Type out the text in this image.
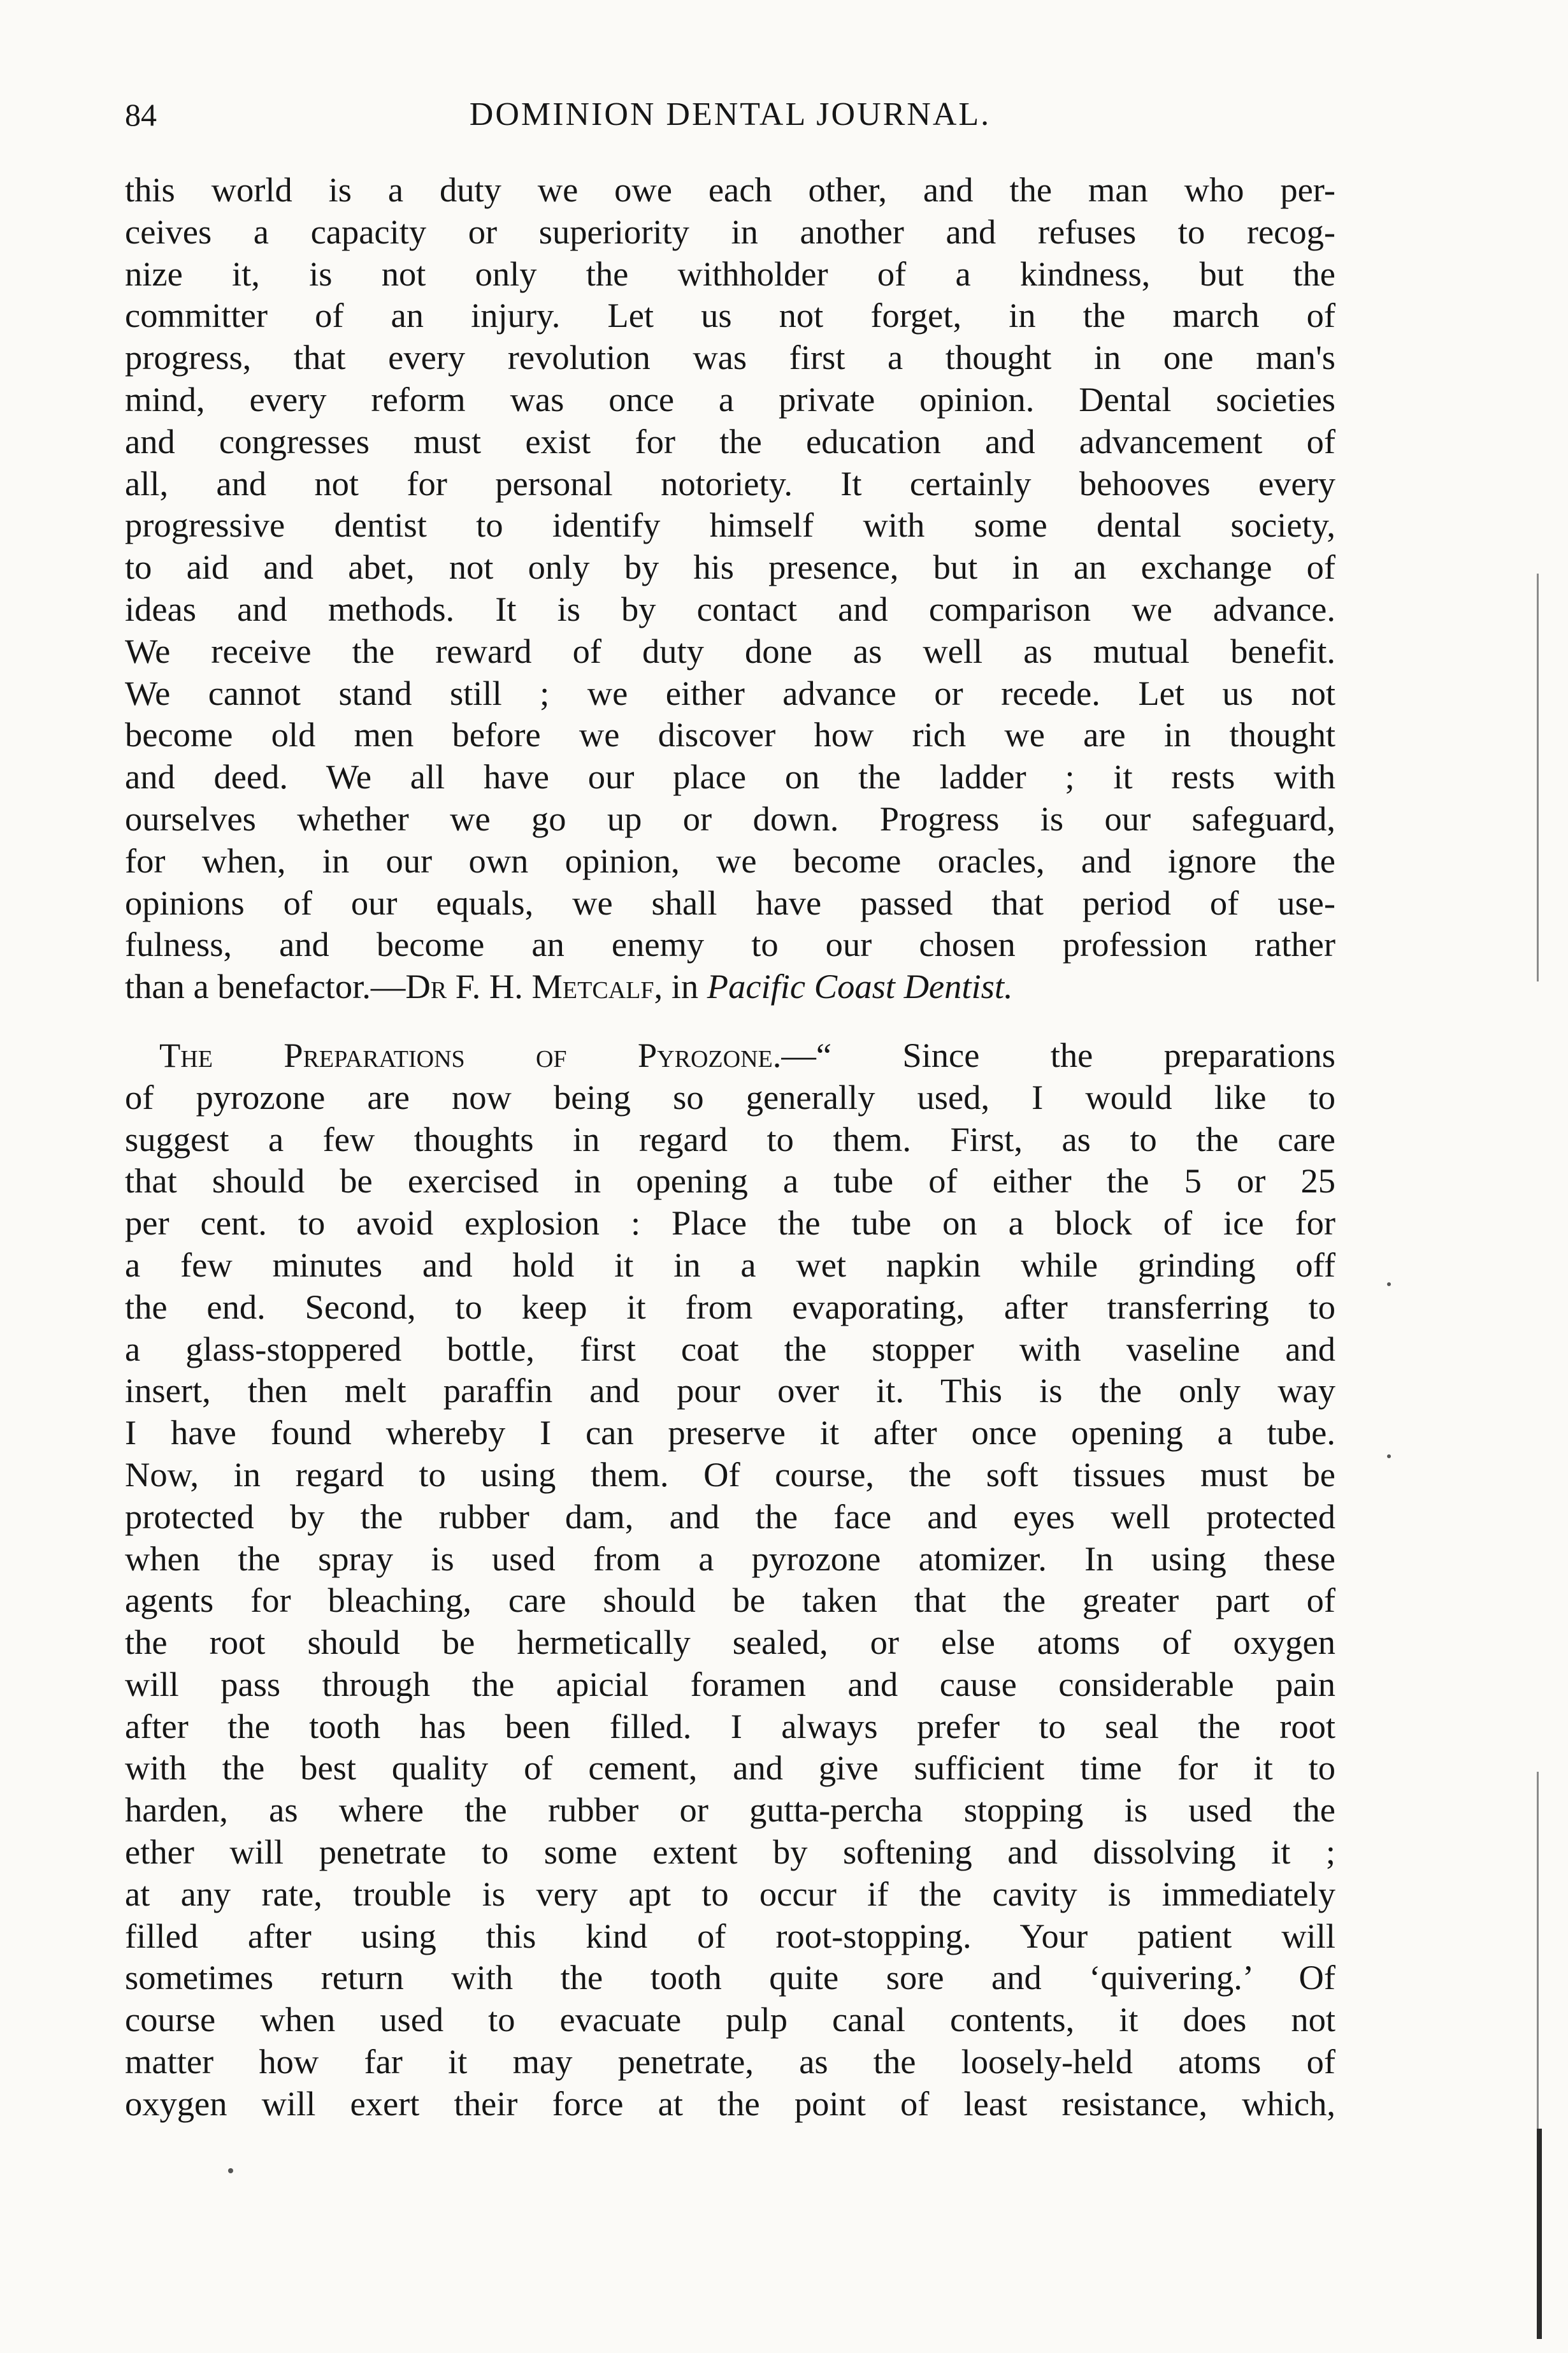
84	DOMINION DENTAL JOURNAL.
this world is a duty we owe each other, and the man who per-
ceives a capacity or superiority in another and refuses to recog-
nize it, is not only the withholder of a kindness, but the
committer of an injury. Let us not forget, in the march of
progress, that every revolution was first a thought in one man's
mind, every reform was once a private opinion. Dental societies
and congresses must exist for the education and advancement of
all, and not for personal notoriety. It certainly behooves every
progressive dentist to identify himself with some dental society,
to aid and abet, not only by his presence, but in an exchange of
ideas and methods. It is by contact and comparison we advance.
We receive the reward of duty done as well as mutual benefit.
We cannot stand still ; we either advance or recede. Let us not
become old men before we discover how rich we are in thought
and deed. We all have our place on the ladder ; it rests with
ourselves whether we go up or down. Progress is our safeguard,
for when, in our own opinion, we become oracles, and ignore the
opinions of our equals, we shall have passed that period of use-
fulness, and become an enemy to our chosen profession rather
than a benefactor.—Dr F. H. Metcalf, in Pacific Coast Dentist.
The Preparations of Pyrozone.—“ Since the preparations
of pyrozone are now being so generally used, I would like to
suggest a few thoughts in regard to them. First, as to the care
that should be exercised in opening a tube of either the 5 or 25
per cent. to avoid explosion : Place the tube on a block of ice for
a few minutes and hold it in a wet napkin while grinding off
the end. Second, to keep it from evaporating, after transferring to
a glass-stoppered bottle, first coat the stopper with vaseline and
insert, then melt paraffin and pour over it. This is the only way
I have found whereby I can preserve it after once opening a tube.
Now, in regard to using them. Of course, the soft tissues must be
protected by the rubber dam, and the face and eyes well protected
when the spray is used from a pyrozone atomizer. In using these
agents for bleaching, care should be taken that the greater part of
the root should be hermetically sealed, or else atoms of oxygen
will pass through the apicial foramen and cause considerable pain
after the tooth has been filled. I always prefer to seal the root
with the best quality of cement, and give sufficient time for it to
harden, as where the rubber or gutta-percha stopping is used the
ether will penetrate to some extent by softening and dissolving it ;
at any rate, trouble is very apt to occur if the cavity is immediately
filled after using this kind of root-stopping. Your patient will
sometimes return with the tooth quite sore and ‘quivering.’ Of
course when used to evacuate pulp canal contents, it does not
matter how far it may penetrate, as the loosely-held atoms of
oxygen will exert their force at the point of least resistance, which,
